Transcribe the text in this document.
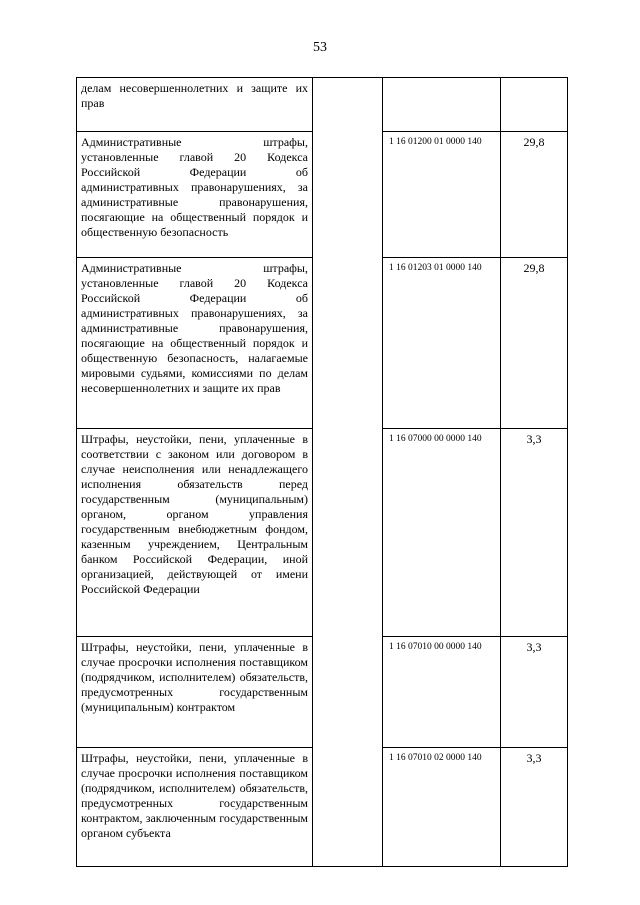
53
делам несовершеннолетних и защите их прав			
Административные штрафы, установленные главой 20 Кодекса Российской Федерации об административных правонарушениях, за административные правонарушения, посягающие на общественный порядок и общественную безопасность		1 16 01200 01 0000 140	29,8
Административные штрафы, установленные главой 20 Кодекса Российской Федерации об административных правонарушениях, за административные правонарушения, посягающие на общественный порядок и общественную безопасность, налагаемые мировыми судьями, комиссиями по делам несовершеннолетних и защите их прав		1 16 01203 01 0000 140	29,8
Штрафы, неустойки, пени, уплаченные в соответствии с законом или договором в случае неисполнения или ненадлежащего исполнения обязательств перед государственным (муниципальным) органом, органом управления государственным внебюджетным фондом, казенным учреждением, Центральным банком Российской Федерации, иной организацией, действующей от имени Российской Федерации		1 16 07000 00 0000 140	3,3
Штрафы, неустойки, пени, уплаченные в случае просрочки исполнения поставщиком (подрядчиком, исполнителем) обязательств, предусмотренных государственным (муниципальным) контрактом		1 16 07010 00 0000 140	3,3
Штрафы, неустойки, пени, уплаченные в случае просрочки исполнения поставщиком (подрядчиком, исполнителем) обязательств, предусмотренных государственным контрактом, заключенным государственным органом субъекта		1 16 07010 02 0000 140	3,3
